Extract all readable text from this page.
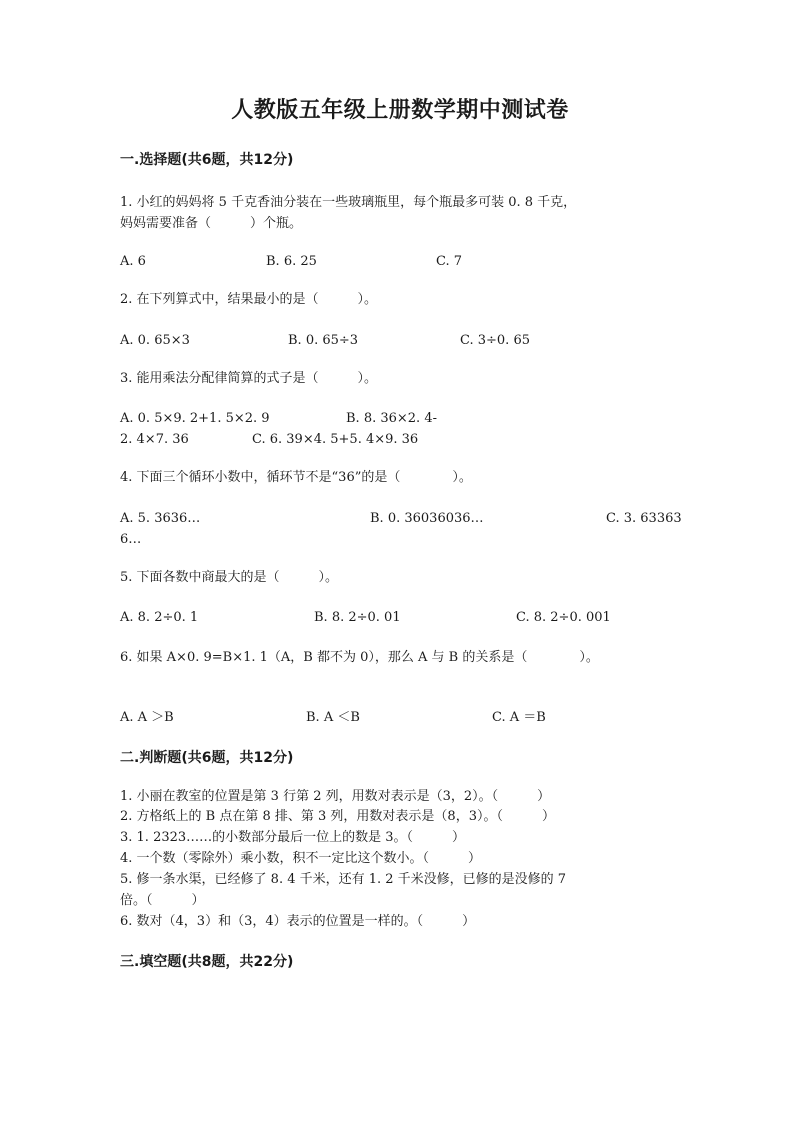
人教版五年级上册数学期中测试卷
一.选择题(共6题，共12分)
1. 小红的妈妈将 5 千克香油分装在一些玻璃瓶里，每个瓶最多可装 0. 8 千克，
妈妈需要准备（　　　）个瓶。
A. 6	B. 6. 25	C. 7
2. 在下列算式中，结果最小的是（　　　）。
A. 0. 65×3	B. 0. 65÷3	C. 3÷0. 65
3. 能用乘法分配律简算的式子是（　　　）。
A. 0. 5×9. 2+1. 5×2. 9	B. 8. 36×2. 4-
2. 4×7. 36	C. 6. 39×4. 5+5. 4×9. 36
4. 下面三个循环小数中，循环节不是“36”的是（　　　　）。
A. 5. 3636…	B. 0. 36036036…	C. 3. 63363
6…
5. 下面各数中商最大的是（　　　）。
A. 8. 2÷0. 1	B. 8. 2÷0. 01	C. 8. 2÷0. 001
6. 如果 A×0. 9=B×1. 1（A，B 都不为 0），那么 A 与 B 的关系是（　　　　）。
A. A ＞B	B. A ＜B	C. A ＝B
二.判断题(共6题，共12分)
1. 小丽在教室的位置是第 3 行第 2 列，用数对表示是（3，2）。（　　　）
2. 方格纸上的 B 点在第 8 排、第 3 列，用数对表示是（8，3）。（　　　）
3. 1. 2323……的小数部分最后一位上的数是 3。（　　　）
4. 一个数（零除外）乘小数，积不一定比这个数小。（　　　）
5. 修一条水渠，已经修了 8. 4 千米，还有 1. 2 千米没修，已修的是没修的 7
倍。（　　　）
6. 数对（4，3）和（3，4）表示的位置是一样的。（　　　）
三.填空题(共8题，共22分)
